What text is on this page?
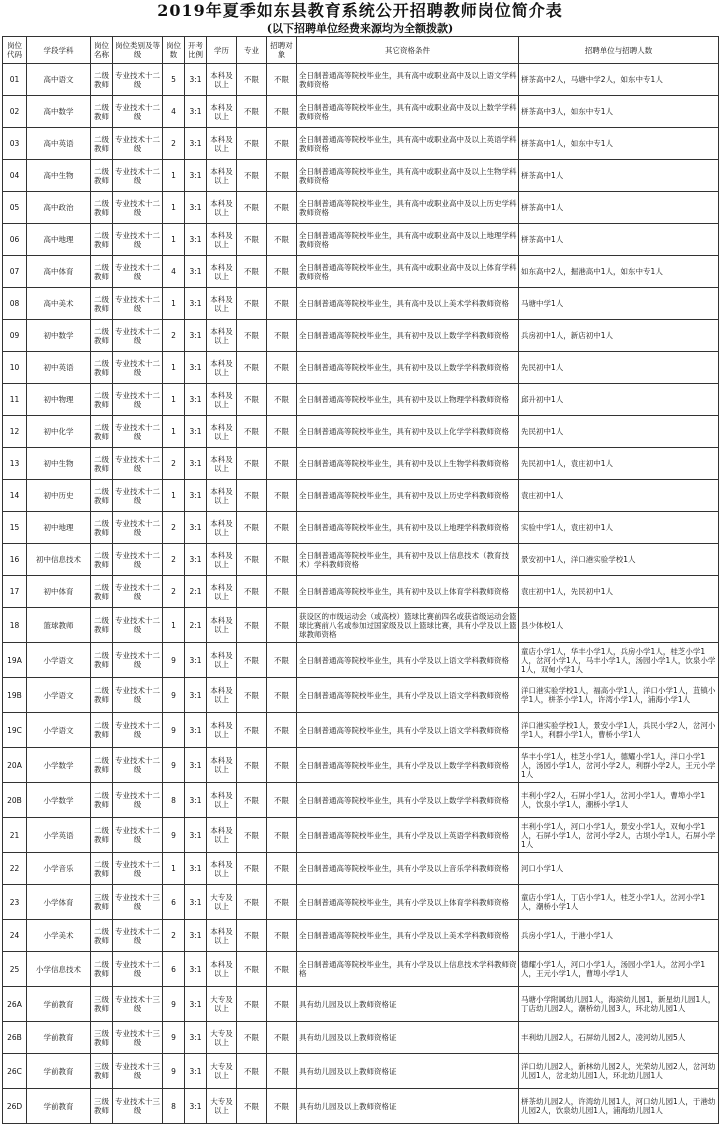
2019年夏季如东县教育系统公开招聘教师岗位简介表
(以下招聘单位经费来源均为全额拨款)
岗位代码	学段学科	岗位名称	岗位类别及等级	岗位数	开考比例	学历	专业	招聘对象	其它资格条件	招聘单位与招聘人数
01	高中语文	二级教师	专业技术十二级	5	3:1	本科及以上	不限	不限	全日制普通高等院校毕业生，具有高中或职业高中及以上语文学科教师资格	栟茶高中2人，马塘中学2人，如东中专1人
02	高中数学	二级教师	专业技术十二级	4	3:1	本科及以上	不限	不限	全日制普通高等院校毕业生，具有高中或职业高中及以上数学学科教师资格	栟茶高中3人，如东中专1人
03	高中英语	二级教师	专业技术十二级	2	3:1	本科及以上	不限	不限	全日制普通高等院校毕业生，具有高中或职业高中及以上英语学科教师资格	栟茶高中1人，如东中专1人
04	高中生物	二级教师	专业技术十二级	1	3:1	本科及以上	不限	不限	全日制普通高等院校毕业生，具有高中或职业高中及以上生物学科教师资格	栟茶高中1人
05	高中政治	二级教师	专业技术十二级	1	3:1	本科及以上	不限	不限	全日制普通高等院校毕业生，具有高中或职业高中及以上历史学科教师资格	栟茶高中1人
06	高中地理	二级教师	专业技术十二级	1	3:1	本科及以上	不限	不限	全日制普通高等院校毕业生，具有高中或职业高中及以上地理学科教师资格	栟茶高中1人
07	高中体育	二级教师	专业技术十二级	4	3:1	本科及以上	不限	不限	全日制普通高等院校毕业生，具有高中或职业高中及以上体育学科教师资格	如东高中2人，掘港高中1人，如东中专1人
08	高中美术	二级教师	专业技术十二级	1	3:1	本科及以上	不限	不限	全日制普通高等院校毕业生，具有高中及以上美术学科教师资格	马塘中学1人
09	初中数学	二级教师	专业技术十二级	2	3:1	本科及以上	不限	不限	全日制普通高等院校毕业生，具有初中及以上数学学科教师资格	兵房初中1人，新店初中1人
10	初中英语	二级教师	专业技术十二级	1	3:1	本科及以上	不限	不限	全日制普通高等院校毕业生，具有初中及以上数学学科教师资格	先民初中1人
11	初中物理	二级教师	专业技术十二级	1	3:1	本科及以上	不限	不限	全日制普通高等院校毕业生，具有初中及以上物理学科教师资格	邱升初中1人
12	初中化学	二级教师	专业技术十二级	1	3:1	本科及以上	不限	不限	全日制普通高等院校毕业生，具有初中及以上化学学科教师资格	先民初中1人
13	初中生物	二级教师	专业技术十二级	2	3:1	本科及以上	不限	不限	全日制普通高等院校毕业生，具有初中及以上生物学科教师资格	先民初中1人，袁庄初中1人
14	初中历史	二级教师	专业技术十二级	1	3:1	本科及以上	不限	不限	全日制普通高等院校毕业生，具有初中及以上历史学科教师资格	袁庄初中1人
15	初中地理	二级教师	专业技术十二级	2	3:1	本科及以上	不限	不限	全日制普通高等院校毕业生，具有初中及以上地理学科教师资格	实验中学1人，袁庄初中1人
16	初中信息技术	二级教师	专业技术十二级	2	3:1	本科及以上	不限	不限	全日制普通高等院校毕业生，具有初中及以上信息技术（教育技术）学科教师资格	景安初中1人，洋口港实验学校1人
17	初中体育	二级教师	专业技术十二级	2	2:1	本科及以上	不限	不限	全日制普通高等院校毕业生，具有初中及以上体育学科教师资格	袁庄初中1人，先民初中1人
18	篮球教师	二级教师	专业技术十二级	1	2:1	本科及以上	不限	不限	获设区的市级运动会（或高校）篮球比赛前四名或获省级运动会篮球比赛前八名或参加过国家级及以上篮球比赛，具有小学及以上篮球教师资格	县少体校1人
19A	小学语文	二级教师	专业技术十二级	9	3:1	本科及以上	不限	不限	全日制普通高等院校毕业生，具有小学及以上语文学科教师资格	童店小学1人，华丰小学1人，兵房小学1人，桂芝小学1人，岔河小学1人，马丰小学1人，汤园小学1人，饮泉小学1人，双甸小学1人
19B	小学语文	二级教师	专业技术十二级	9	3:1	本科及以上	不限	不限	全日制普通高等院校毕业生，具有小学及以上语文学科教师资格	洋口港实验学校1人，福高小学1人，洋口小学1人，苴镇小学1人，栟茶小学1人，许湾小学1人，浦海小学1人
19C	小学语文	二级教师	专业技术十二级	9	3:1	本科及以上	不限	不限	全日制普通高等院校毕业生，具有小学及以上语文学科教师资格	洋口港实验学校1人，景安小学1人，兵民小学2人，岔河小学1人，利群小学1人，曹桥小学1人
20A	小学数学	二级教师	专业技术十二级	9	3:1	本科及以上	不限	不限	全日制普通高等院校毕业生，具有小学及以上数学学科教师资格	华丰小学1人，桂芝小学1人，德耀小学1人，洋口小学1人，汤园小学1人，岔河小学2人，利群小学2人，王元小学1人
20B	小学数学	二级教师	专业技术十二级	8	3:1	本科及以上	不限	不限	全日制普通高等院校毕业生，具有小学及以上数学学科教师资格	丰利小学2人，石屏小学1人，岔河小学1人，曹埠小学1人，饮泉小学1人，潮桥小学1人
21	小学英语	二级教师	专业技术十二级	9	3:1	本科及以上	不限	不限	全日制普通高等院校毕业生，具有小学及以上英语学科教师资格	丰利小学1人，河口小学1人，景安小学1人，双甸小学1人，石屏小学1人，岔河小学2人，古坝小学1人，石屏小学1人
22	小学音乐	二级教师	专业技术十二级	1	3:1	本科及以上	不限	不限	全日制普通高等院校毕业生，具有小学及以上音乐学科教师资格	河口小学1人
23	小学体育	三级教师	专业技术十三级	6	3:1	大专及以上	不限	不限	全日制普通高等院校毕业生，具有小学及以上体育学科教师资格	童店小学1人，丁店小学1人，桂芝小学1人，岔河小学1人，潮桥小学1人
24	小学美术	二级教师	专业技术十二级	2	3:1	本科及以上	不限	不限	全日制普通高等院校毕业生，具有小学及以上美术学科教师资格	兵房小学1人，于港小学1人
25	小学信息技术	二级教师	专业技术十二级	6	3:1	本科及以上	不限	不限	全日制普通高等院校毕业生，具有小学及以上信息技术学科教师资格	德耀小学1人，河口小学1人，汤园小学1人，岔河小学1人，王元小学1人，曹埠小学1人
26A	学前教育	三级教师	专业技术十三级	9	3:1	大专及以上	不限	不限	具有幼儿园及以上教师资格证	马塘小学附属幼儿园1人，海滨幼儿园1，新星幼儿园1人，丁店幼儿园2人，潮桥幼儿园3人，环北幼儿园1人
26B	学前教育	三级教师	专业技术十三级	9	3:1	大专及以上	不限	不限	具有幼儿园及以上教师资格证	丰利幼儿园2人，石屏幼儿园2人，凌河幼儿园5人
26C	学前教育	三级教师	专业技术十三级	9	3:1	大专及以上	不限	不限	具有幼儿园及以上教师资格证	洋口幼儿园2人，新林幼儿园2人，光荣幼儿园2人，岔河幼儿园1人，岔北幼儿园1人，环北幼儿园1人
26D	学前教育	三级教师	专业技术十三级	8	3:1	大专及以上	不限	不限	具有幼儿园及以上教师资格证	栟茶幼儿园2人，许湾幼儿园1人，河口幼儿园1人，于港幼儿园2人，饮泉幼儿园1人，浦海幼儿园1人
